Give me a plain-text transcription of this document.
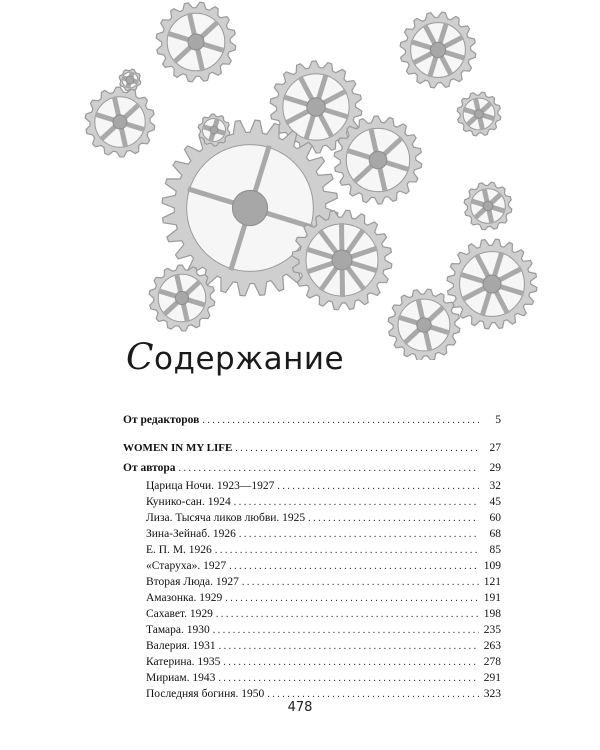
Содержание
От редакторов . . .	5
WOMEN IN MY LIFE . . .	27
От автора . . .	29
Царица Ночи. 1923—1927 . . .	32
Кунико-сан. 1924 . . .	45
Лиза. Тысяча ликов любви. 1925 . . .	60
Зина-Зейнаб. 1926 . . .	68
Е. П. М. 1926 . . .	85
«Старуха». 1927 . . .	109
Вторая Люда. 1927 . . .	121
Амазонка. 1929 . . .	191
Сахавет. 1929 . . .	198
Тамара. 1930 . . .	235
Валерия. 1931 . . .	263
Катерина. 1935 . . .	278
Мириам. 1943 . . .	291
Последняя богиня. 1950 . . .	323
478
